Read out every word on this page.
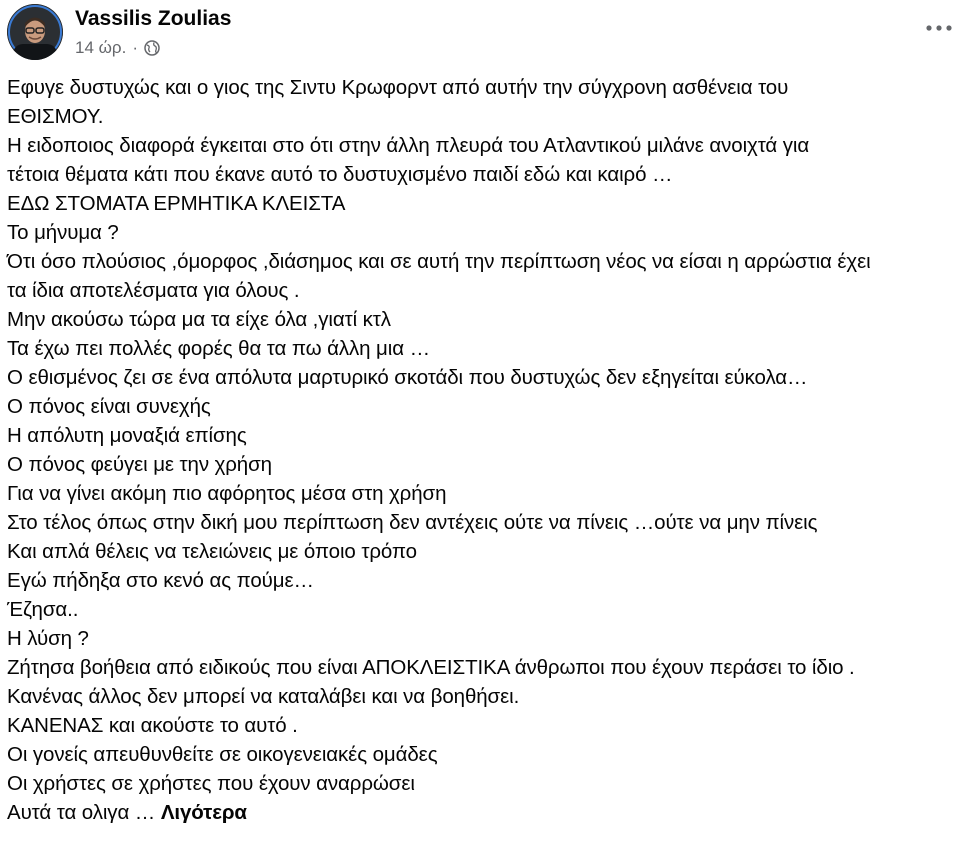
Vassilis Zoulias
14 ώρ. ·
Εφυγε δυστυχώς και ο γιος της Σιντυ Κρωφορντ από αυτήν την σύγχρονη ασθένεια του
ΕΘΙΣΜΟΥ.
Η ειδοποιος διαφορά έγκειται στο ότι στην άλλη πλευρά του Ατλαντικού μιλάνε ανοιχτά για
τέτοια θέματα κάτι που έκανε αυτό το δυστυχισμένο παιδί εδώ και καιρό …
ΕΔΩ ΣΤΟΜΑΤΑ ΕΡΜΗΤΙΚΑ ΚΛΕΙΣΤΑ
Το μήνυμα ?
Ότι όσο πλούσιος ,όμορφος ,διάσημος και σε αυτή την περίπτωση νέος να είσαι η αρρώστια έχει
τα ίδια αποτελέσματα για όλους .
Μην ακούσω τώρα μα τα είχε όλα ,γιατί κτλ
Τα έχω πει πολλές φορές θα τα πω άλλη μια …
Ο εθισμένος ζει σε ένα απόλυτα μαρτυρικό σκοτάδι που δυστυχώς δεν εξηγείται εύκολα…
Ο πόνος είναι συνεχής
Η απόλυτη μοναξιά επίσης
Ο πόνος φεύγει με την χρήση
Για να γίνει ακόμη πιο αφόρητος μέσα στη χρήση
Στο τέλος όπως στην δική μου περίπτωση δεν αντέχεις ούτε να πίνεις …ούτε να μην πίνεις
Και απλά θέλεις να τελειώνεις με όποιο τρόπο
Εγώ πήδηξα στο κενό ας πούμε…
Έζησα..
Η λύση ?
Ζήτησα βοήθεια από ειδικούς που είναι ΑΠΟΚΛΕΙΣΤΙΚΑ άνθρωποι που έχουν περάσει το ίδιο .
Κανένας άλλος δεν μπορεί να καταλάβει και να βοηθήσει.
ΚΑΝΕΝΑΣ και ακούστε το αυτό .
Οι γονείς απευθυνθείτε σε οικογενειακές ομάδες
Οι χρήστες σε χρήστες που έχουν αναρρώσει
Αυτά τα ολιγα … Λιγότερα
